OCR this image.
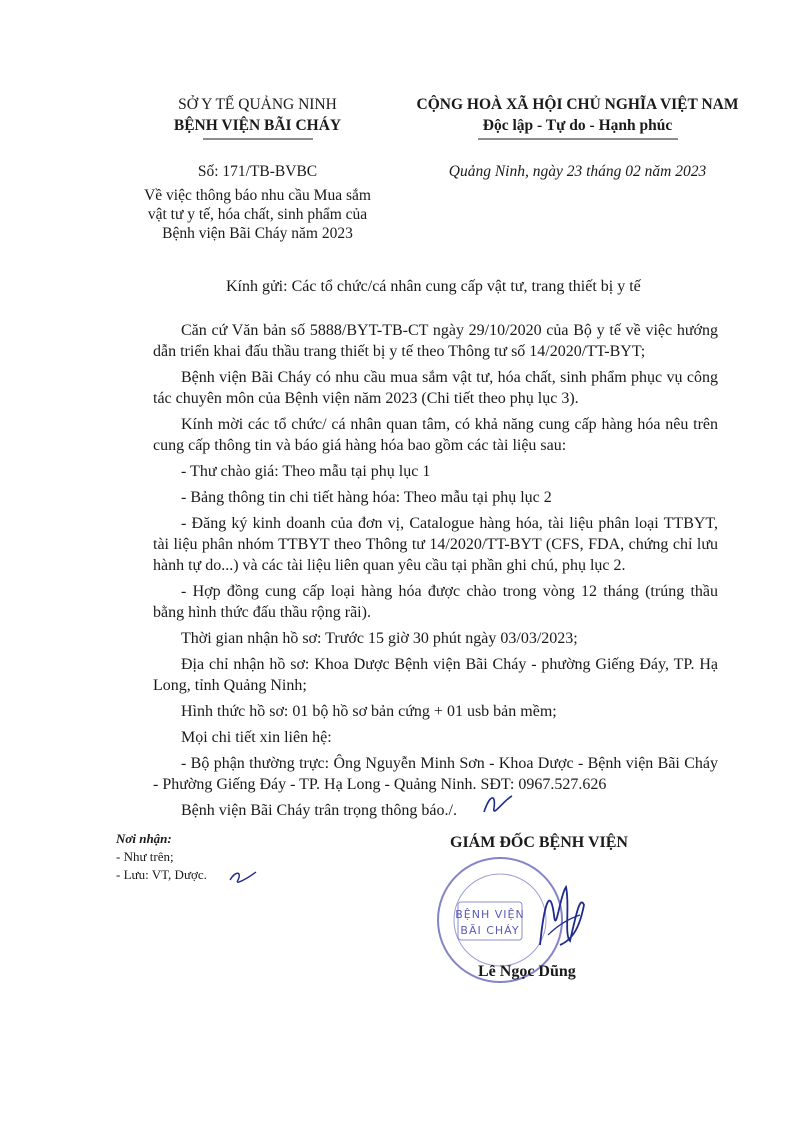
SỞ Y TẾ QUẢNG NINH
BỆNH VIỆN BÃI CHÁY
Số: 171/TB-BVBC
Về việc thông báo nhu cầu Mua sắm
vật tư y tế, hóa chất, sinh phẩm của
Bệnh viện Bãi Cháy năm 2023
CỘNG HOÀ XÃ HỘI CHỦ NGHĨA VIỆT NAM
Độc lập - Tự do - Hạnh phúc
Quảng Ninh, ngày 23 tháng 02 năm 2023
Kính gửi: Các tổ chức/cá nhân cung cấp vật tư, trang thiết bị y tế

Căn cứ Văn bản số 5888/BYT-TB-CT ngày 29/10/2020 của Bộ y tế về việc hướng dẫn triển khai đấu thầu trang thiết bị y tế theo Thông tư số 14/2020/TT-BYT;

Bệnh viện Bãi Cháy có nhu cầu mua sắm vật tư, hóa chất, sinh phẩm phục vụ công tác chuyên môn của Bệnh viện năm 2023 (Chi tiết theo phụ lục 3).

Kính mời các tổ chức/ cá nhân quan tâm, có khả năng cung cấp hàng hóa nêu trên cung cấp thông tin và báo giá hàng hóa bao gồm các tài liệu sau:

- Thư chào giá: Theo mẫu tại phụ lục 1

- Bảng thông tin chi tiết hàng hóa: Theo mẫu tại phụ lục 2

- Đăng ký kinh doanh của đơn vị, Catalogue hàng hóa, tài liệu phân loại TTBYT, tài liệu phân nhóm TTBYT theo Thông tư 14/2020/TT-BYT (CFS, FDA, chứng chỉ lưu hành tự do...) và các tài liệu liên quan yêu cầu tại phần ghi chú, phụ lục 2.

- Hợp đồng cung cấp loại hàng hóa được chào trong vòng 12 tháng (trúng thầu bằng hình thức đấu thầu rộng rãi).

Thời gian nhận hồ sơ: Trước 15 giờ 30 phút ngày 03/03/2023;

Địa chỉ nhận hồ sơ: Khoa Dược Bệnh viện Bãi Cháy - phường Giếng Đáy, TP. Hạ Long, tỉnh Quảng Ninh;

Hình thức hồ sơ: 01 bộ hồ sơ bản cứng + 01 usb bản mềm;

Mọi chi tiết xin liên hệ:

- Bộ phận thường trực: Ông Nguyễn Minh Sơn - Khoa Dược - Bệnh viện Bãi Cháy - Phường Giếng Đáy - TP. Hạ Long - Quảng Ninh. SĐT: 0967.527.626

Bệnh viện Bãi Cháy trân trọng thông báo./.

Nơi nhận:
- Như trên;
- Lưu: VT, Dược.
GIÁM ĐỐC BỆNH VIỆN
BỆNH VIỆN
BÃI CHÁY
Lê Ngọc Dũng
